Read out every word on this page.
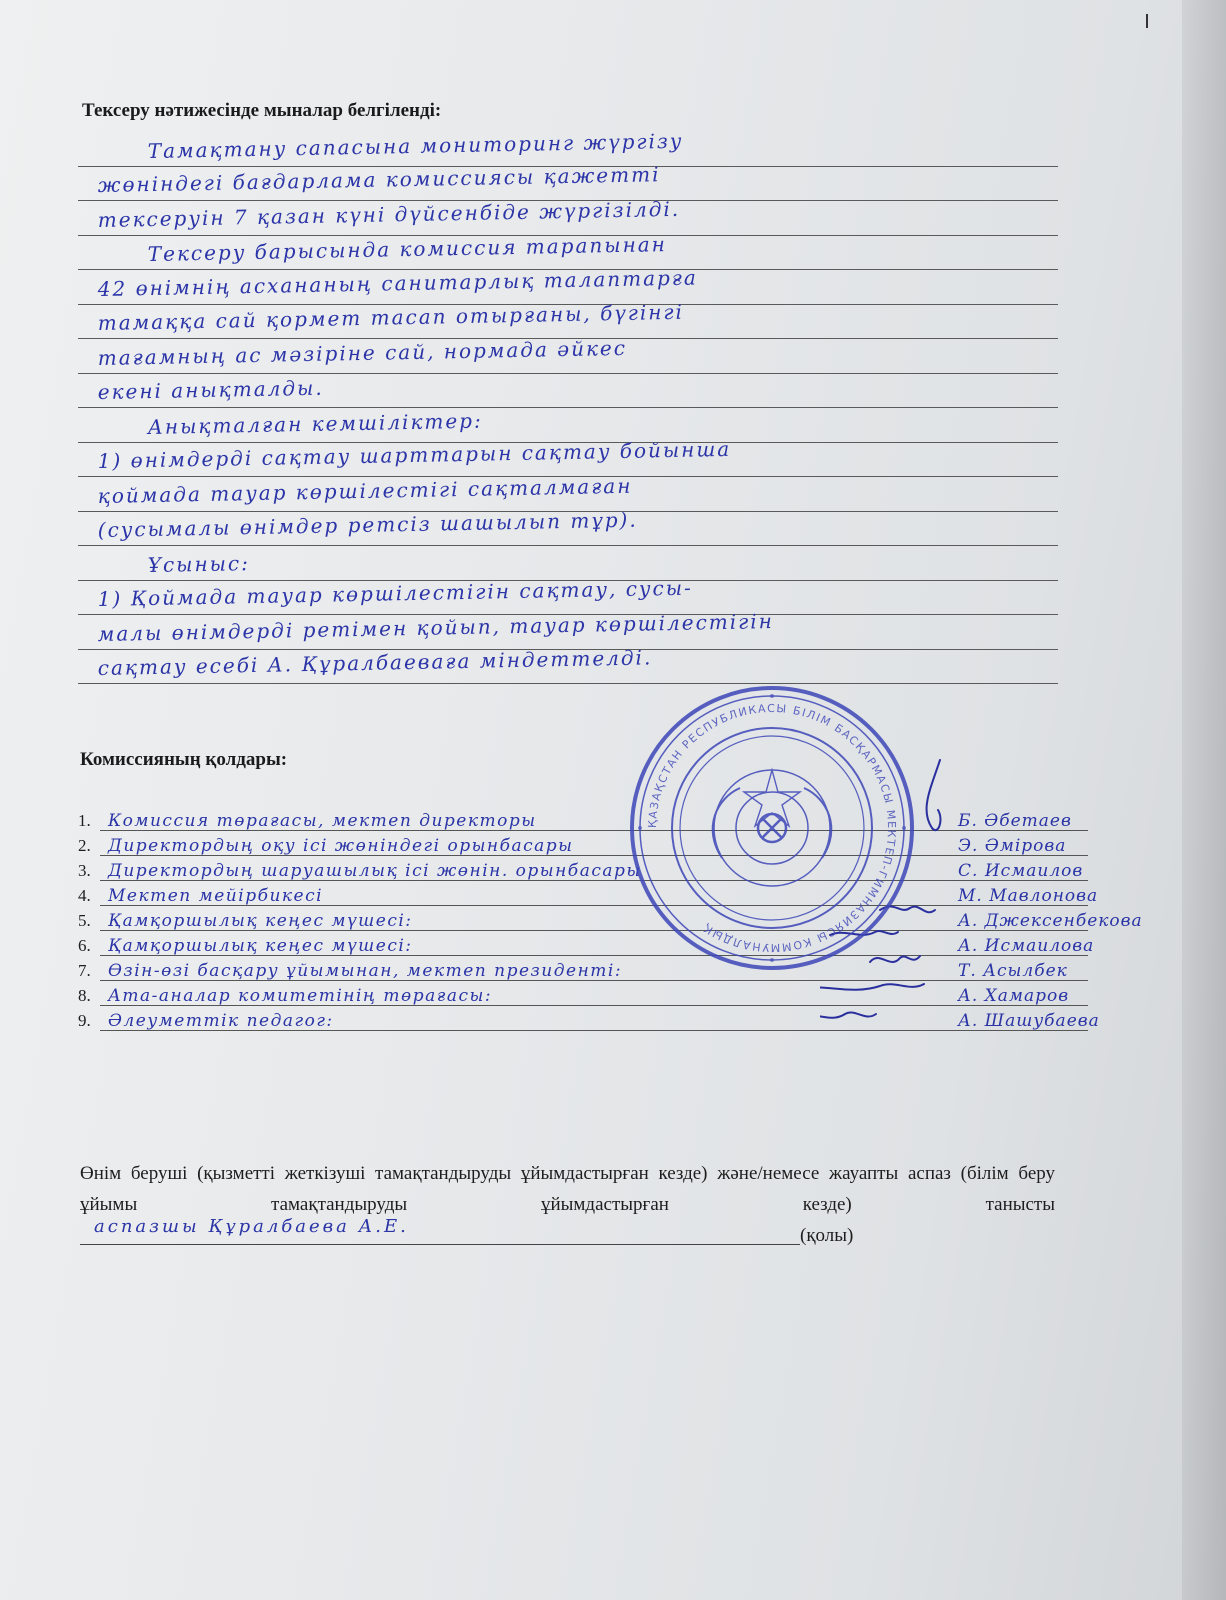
Тексеру нәтижесінде мыналар белгіленді:
Тамақтану сапасына мониторинг жүргізу
жөніндегі бағдарлама комиссиясы қажетті
тексеруін 7 қазан күні дүйсенбіде жүргізілді.
Тексеру барысында комиссия тарапынан
42 өнімнің асхананың санитарлық талаптарға
тамаққа сай қормет тасап отырғаны, бүгінгі
тағамның ас мәзіріне сай, нормада әйкес
екені анықталды.
Анықталған кемшіліктер:
1) өнімдерді сақтау шарттарын сақтау бойынша
қоймада тауар көршілестігі сақталмаған
(сусымалы өнімдер ретсіз шашылып тұр).
Ұсыныс:
1) Қоймада тауар көршілестігін сақтау, сусы-
малы өнімдерді ретімен қойып, тауар көршілестігін
сақтау есебі А. Құралбаеваға міндеттелді.
Комиссияның қолдары:
1. Комиссия төрағасы, мектеп директоры	Б. Әбетаев
2. Директордың оқу ісі жөніндегі орынбасары	Э. Әмірова
3. Директордың шаруашылық ісі жөнін. орынбасары	С. Исмаилов
4. Мектеп мейірбикесі	М. Мавлонова
5. Қамқоршылық кеңес мүшесі:	А. Джексенбекова
6. Қамқоршылық кеңес мүшесі:	А. Исмаилова
7. Өзін-өзі басқару ұйымынан, мектеп президенті:	Т. Асылбек
8. Ата-аналар комитетінің төрағасы:	А. Хамаров
9. Әлеуметтік педагог:	А. Шашубаева
ҚАЗАҚСТАН РЕСПУБЛИКАСЫ БІЛІМ БАСҚАРМАСЫ МЕКТЕП-ГИМНАЗИЯСЫ КОММУНАЛДЫҚ
Өнім беруші (қызметті жеткізуші тамақтандыруды ұйымдастырған кезде) және/немесе жауапты аспаз (білім беру ұйымы тамақтандыруды ұйымдастырған кезде) танысты
аспазшы Құралбаева А.Е.	(қолы)
